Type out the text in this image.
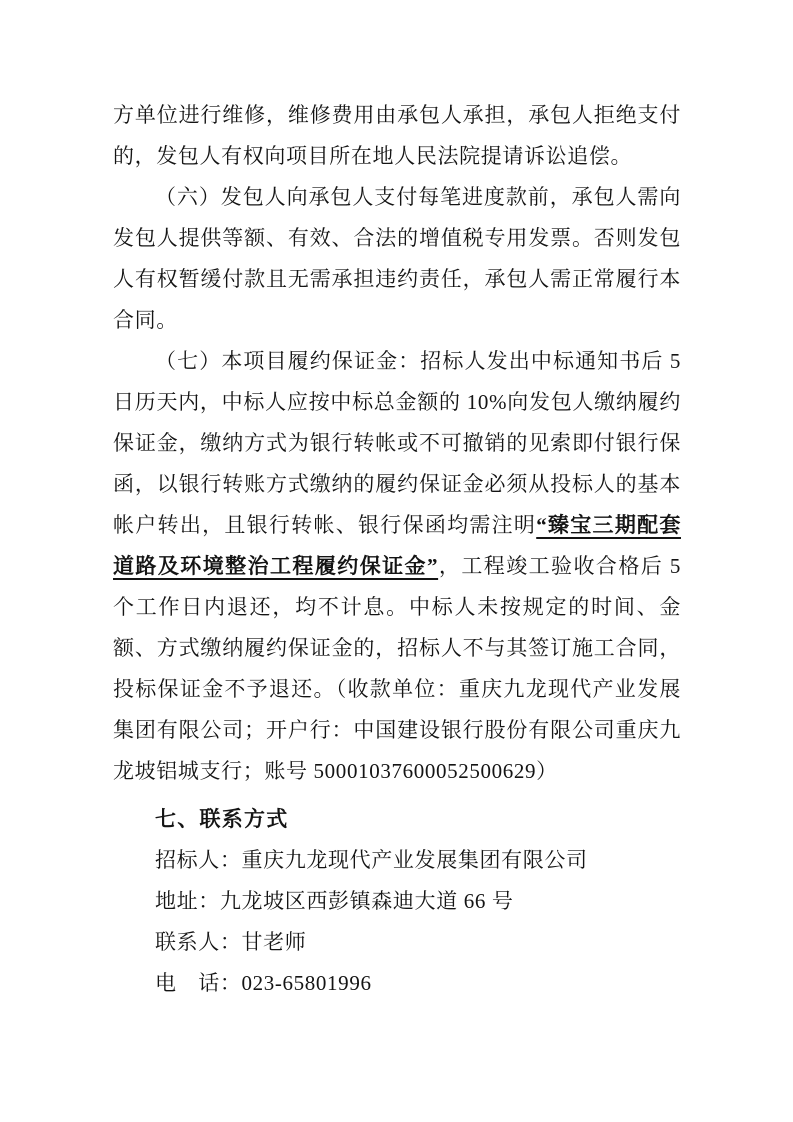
方单位进行维修，维修费用由承包人承担，承包人拒绝支付的，发包人有权向项目所在地人民法院提请诉讼追偿。

（六）发包人向承包人支付每笔进度款前，承包人需向发包人提供等额、有效、合法的增值税专用发票。否则发包人有权暂缓付款且无需承担违约责任，承包人需正常履行本合同。

（七）本项目履约保证金：招标人发出中标通知书后 5 日历天内，中标人应按中标总金额的 10%向发包人缴纳履约保证金，缴纳方式为银行转帐或不可撤销的见索即付银行保函，以银行转账方式缴纳的履约保证金必须从投标人的基本帐户转出，且银行转帐、银行保函均需注明“臻宝三期配套道路及环境整治工程履约保证金”，工程竣工验收合格后 5 个工作日内退还，均不计息。中标人未按规定的时间、金额、方式缴纳履约保证金的，招标人不与其签订施工合同，投标保证金不予退还。（收款单位：重庆九龙现代产业发展集团有限公司；开户行：中国建设银行股份有限公司重庆九龙坡铝城支行；账号 50001037600052500629）

七、联系方式

招标人：重庆九龙现代产业发展集团有限公司

地址：九龙坡区西彭镇森迪大道 66 号

联系人：甘老师

电　话：023-65801996
